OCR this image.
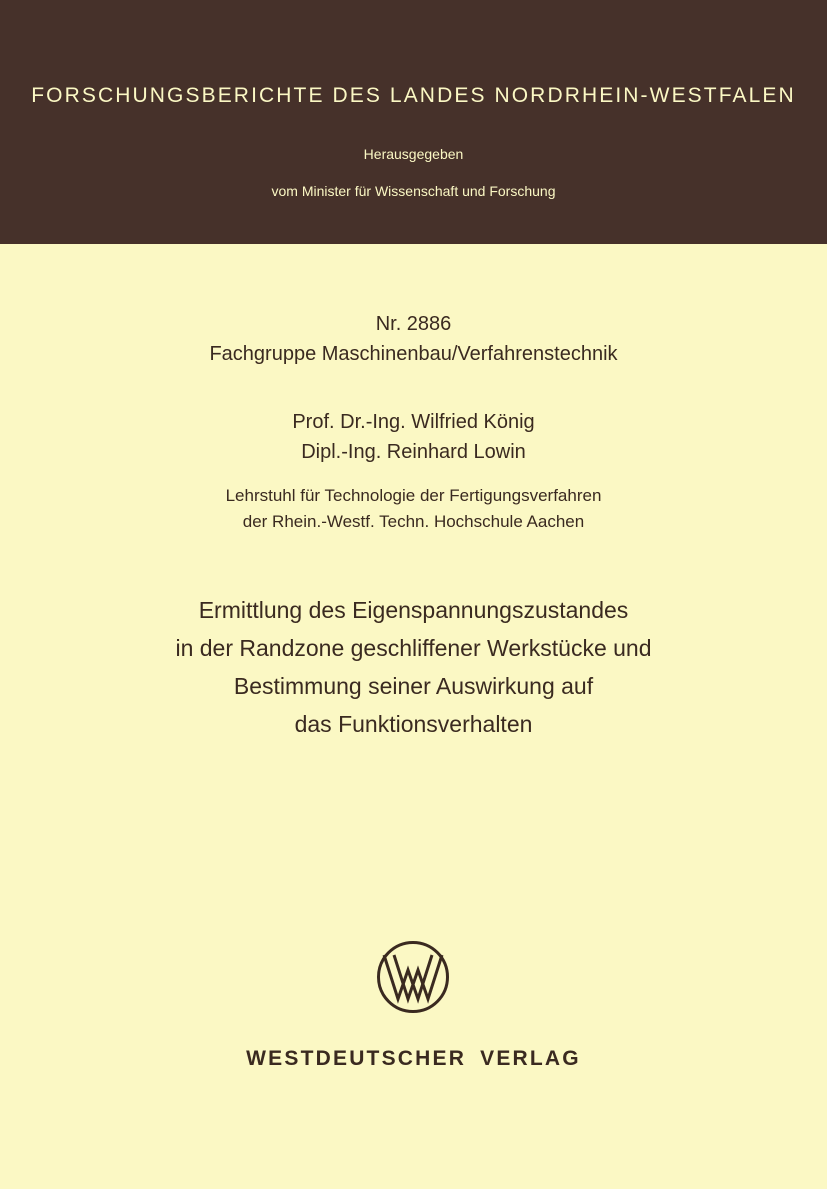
FORSCHUNGSBERICHTE DES LANDES NORDRHEIN-WESTFALEN
Herausgegeben
vom Minister für Wissenschaft und Forschung
Nr. 2886
Fachgruppe Maschinenbau/Verfahrenstechnik
Prof. Dr.-Ing. Wilfried König
Dipl.-Ing. Reinhard Lowin
Lehrstuhl für Technologie der Fertigungsverfahren
der Rhein.-Westf. Techn. Hochschule Aachen
Ermittlung des Eigenspannungszustandes
in der Randzone geschliffener Werkstücke und
Bestimmung seiner Auswirkung auf
das Funktionsverhalten
WESTDEUTSCHER VERLAG
